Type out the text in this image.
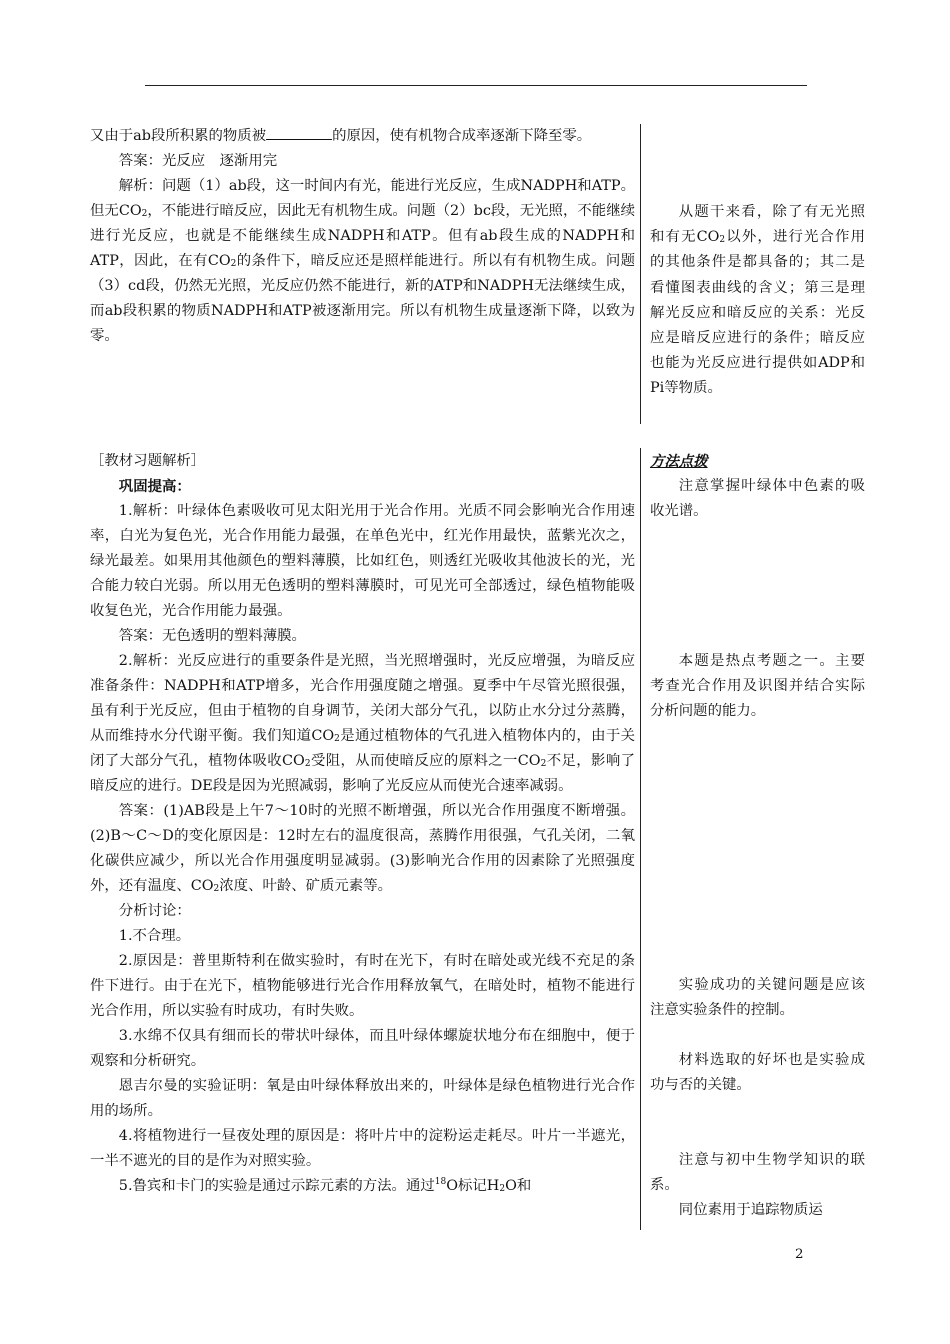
又由于ab段所积累的物质被	的原因，使有机物合成率逐渐下降至零。

答案：光反应　逐渐用完

解析：问题（1）ab段，这一时间内有光，能进行光反应，生成NADPH和ATP。但无$CO_2$，不能进行暗反应，因此无有机物生成。问题（2）bc段，无光照，不能继续进行光反应，也就是不能继续生成NADPH和ATP。但有ab段生成的NADPH和ATP，因此，在有$CO_2$的条件下，暗反应还是照样能进行。所以有有机物生成。问题（3）cd段，仍然无光照，光反应仍然不能进行，新的ATP和NADPH无法继续生成，而ab段积累的物质NADPH和ATP被逐渐用完。所以有机物生成量逐渐下降，以致为零。

从题干来看，除了有无光照和有无$CO_2$以外，进行光合作用的其他条件是都具备的；其二是看懂图表曲线的含义；第三是理解光反应和暗反应的关系：光反应是暗反应进行的条件；暗反应也能为光反应进行提供如ADP和Pi等物质。

［教材习题解析］

巩固提高：

1.解析：叶绿体色素吸收可见太阳光用于光合作用。光质不同会影响光合作用速率，白光为复色光，光合作用能力最强，在单色光中，红光作用最快，蓝紫光次之，绿光最差。如果用其他颜色的塑料薄膜，比如红色，则透红光吸收其他波长的光，光合能力较白光弱。所以用无色透明的塑料薄膜时，可见光可全部透过，绿色植物能吸收复色光，光合作用能力最强。

答案：无色透明的塑料薄膜。

2.解析：光反应进行的重要条件是光照，当光照增强时，光反应增强，为暗反应准备条件：NADPH和ATP增多，光合作用强度随之增强。夏季中午尽管光照很强，虽有利于光反应，但由于植物的自身调节，关闭大部分气孔，以防止水分过分蒸腾，从而维持水分代谢平衡。我们知道$CO_2$是通过植物体的气孔进入植物体内的，由于关闭了大部分气孔，植物体吸收$CO_2$受阻，从而使暗反应的原料之一$CO_2$不足，影响了暗反应的进行。DE段是因为光照减弱，影响了光反应从而使光合速率减弱。

答案：(1)AB段是上午7～10时的光照不断增强，所以光合作用强度不断增强。(2)B～C～D的变化原因是：12时左右的温度很高，蒸腾作用很强，气孔关闭，二氧化碳供应减少，所以光合作用强度明显减弱。(3)影响光合作用的因素除了光照强度外，还有温度、$CO_2$浓度、叶龄、矿质元素等。

分析讨论：

1.不合理。

2.原因是：普里斯特利在做实验时，有时在光下，有时在暗处或光线不充足的条件下进行。由于在光下，植物能够进行光合作用释放氧气，在暗处时，植物不能进行光合作用，所以实验有时成功，有时失败。

3.水绵不仅具有细而长的带状叶绿体，而且叶绿体螺旋状地分布在细胞中，便于观察和分析研究。

恩吉尔曼的实验证明：氧是由叶绿体释放出来的，叶绿体是绿色植物进行光合作用的场所。

4.将植物进行一昼夜处理的原因是：将叶片中的淀粉运走耗尽。叶片一半遮光，一半不遮光的目的是作为对照实验。

5.鲁宾和卡门的实验是通过示踪元素的方法。通过$^{18}$O标记$H_2O$和

方法点拨

注意掌握叶绿体中色素的吸收光谱。

本题是热点考题之一。主要考查光合作用及识图并结合实际分析问题的能力。

实验成功的关键问题是应该注意实验条件的控制。

材料选取的好坏也是实验成功与否的关键。

注意与初中生物学知识的联系。

同位素用于追踪物质运

2
